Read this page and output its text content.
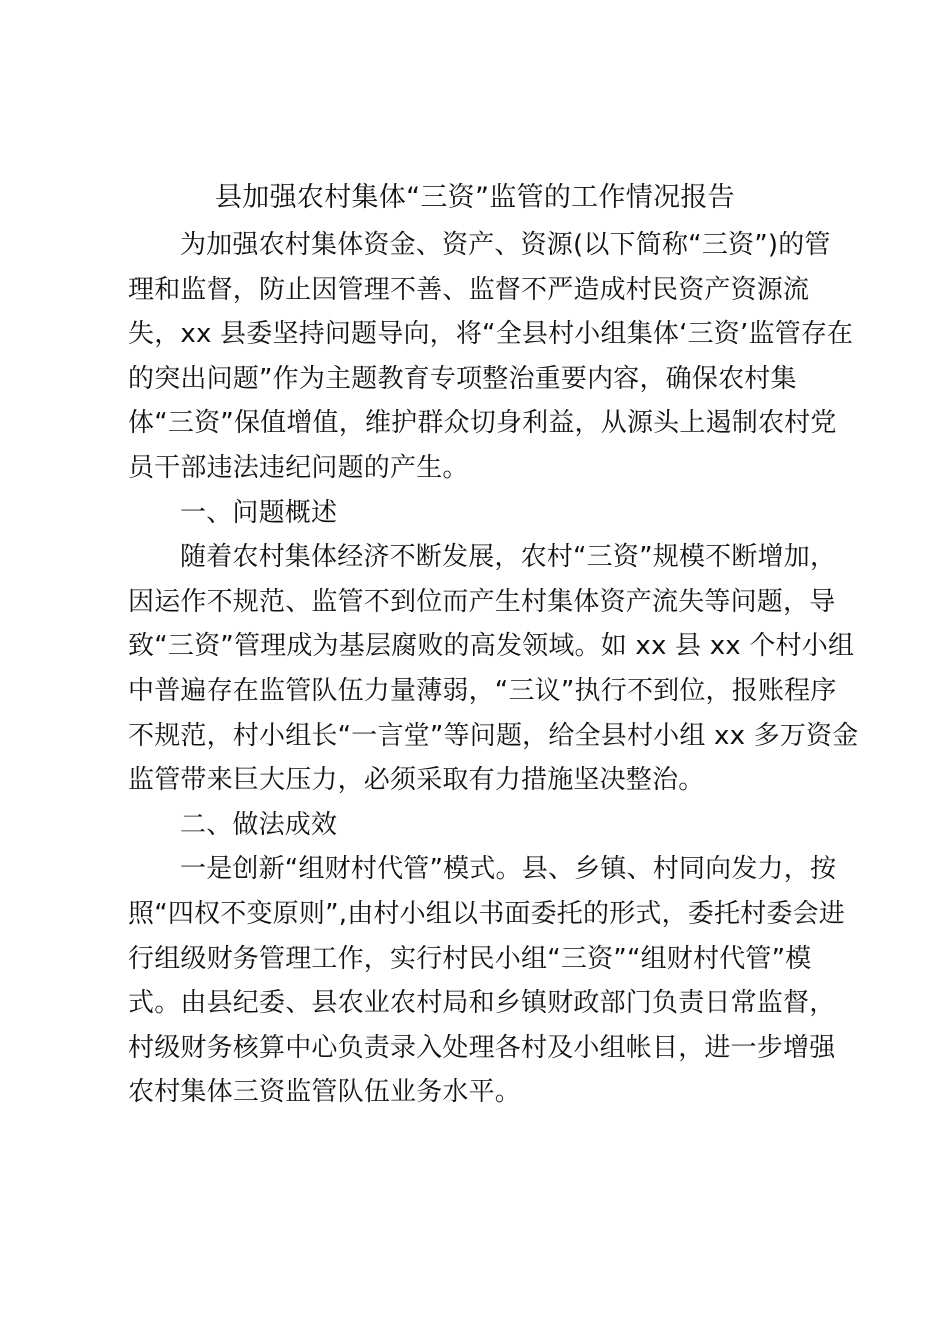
县加强农村集体“三资”监管的工作情况报告
为加强农村集体资金、资产、资源(以下简称“三资”)的管
理和监督，防止因管理不善、监督不严造成村民资产资源流
失，xx 县委坚持问题导向，将“全县村小组集体‘三资’监管存在
的突出问题”作为主题教育专项整治重要内容，确保农村集
体“三资”保值增值，维护群众切身利益，从源头上遏制农村党
员干部违法违纪问题的产生。
一、问题概述
随着农村集体经济不断发展，农村“三资”规模不断增加，
因运作不规范、监管不到位而产生村集体资产流失等问题，导
致“三资”管理成为基层腐败的高发领域。如 xx 县 xx 个村小组
中普遍存在监管队伍力量薄弱，“三议”执行不到位，报账程序
不规范，村小组长“一言堂”等问题，给全县村小组 xx 多万资金
监管带来巨大压力，必须采取有力措施坚决整治。
二、做法成效
一是创新“组财村代管”模式。县、乡镇、村同向发力，按
照“四权不变原则”,由村小组以书面委托的形式，委托村委会进
行组级财务管理工作，实行村民小组“三资”“组财村代管”模
式。由县纪委、县农业农村局和乡镇财政部门负责日常监督，
村级财务核算中心负责录入处理各村及小组帐目，进一步增强
农村集体三资监管队伍业务水平。
